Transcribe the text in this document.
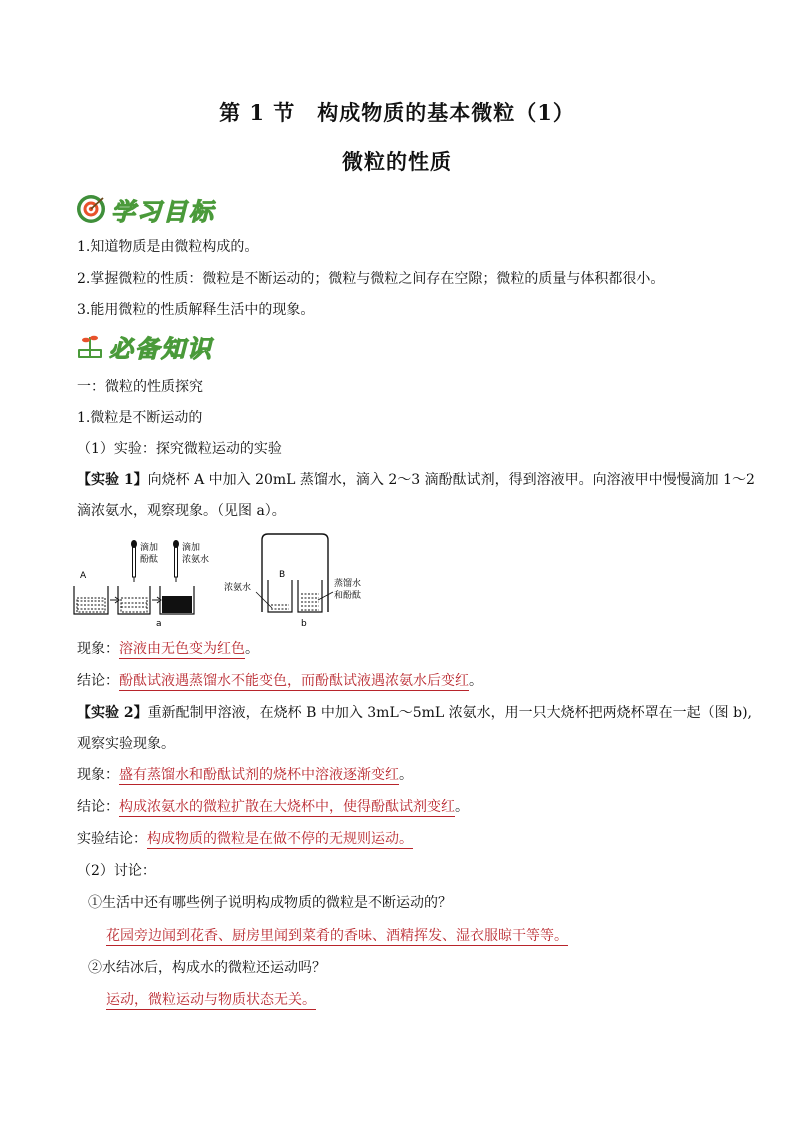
第 1 节　构成物质的基本微粒（1）
微粒的性质
学习目标
1.知道物质是由微粒构成的。
2.掌握微粒的性质：微粒是不断运动的；微粒与微粒之间存在空隙；微粒的质量与体积都很小。
3.能用微粒的性质解释生活中的现象。
必备知识
一：微粒的性质探究
1.微粒是不断运动的
（1）实验：探究微粒运动的实验
【实验 1】向烧杯 A 中加入 20mL 蒸馏水，滴入 2～3 滴酚酞试剂，得到溶液甲。向溶液甲中慢慢滴加 1～2
滴浓氨水，观察现象。（见图 a）。
A
滴加
酚酞
滴加
浓氨水
a
B
浓氨水	蒸馏水
和酚酞
b
现象：溶液由无色变为红色。
结论：酚酞试液遇蒸馏水不能变色，而酚酞试液遇浓氨水后变红。
【实验 2】重新配制甲溶液，在烧杯 B 中加入 3mL～5mL 浓氨水，用一只大烧杯把两烧杯罩在一起（图 b),
观察实验现象。
现象：盛有蒸馏水和酚酞试剂的烧杯中溶液逐渐变红。
结论：构成浓氨水的微粒扩散在大烧杯中，使得酚酞试剂变红。
实验结论：构成物质的微粒是在做不停的无规则运动。
（2）讨论：
①生活中还有哪些例子说明构成物质的微粒是不断运动的？
花园旁边闻到花香、厨房里闻到菜肴的香味、酒精挥发、湿衣服晾干等等。
②水结冰后，构成水的微粒还运动吗？
运动，微粒运动与物质状态无关。
